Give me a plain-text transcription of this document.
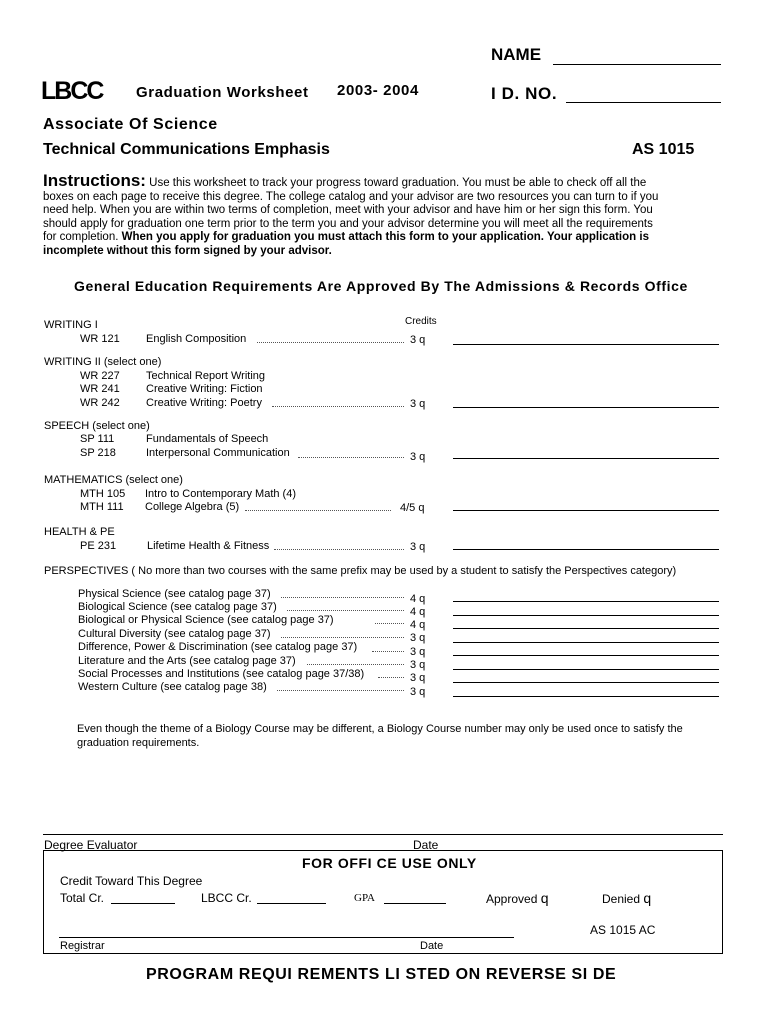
NAME
LBCC Graduation Worksheet 2003- 2004	I D. NO.
Associate Of Science
Technical Communications Emphasis	AS 1015
Instructions: Use this worksheet to track your progress toward graduation. You must be able to check off all the
boxes on each page to receive this degree. The college catalog and your advisor are two resources you can turn to if you
need help. When you are within two terms of completion, meet with your advisor and have him or her sign this form. You
should apply for graduation one term prior to the term you and your advisor determine you will meet all the requirements
for completion. When you apply for graduation you must attach this form to your application. Your application is
incomplete without this form signed by your advisor.
General Education Requirements Are Approved By The Admissions & Records Office
Credits
WRITING I
WR 121 English Composition	3 q
WRITING II (select one)
WR 227 Technical Report Writing
WR 241 Creative Writing: Fiction
WR 242 Creative Writing: Poetry	3 q
SPEECH (select one)
SP 111	Fundamentals of Speech
SP 218	Interpersonal Communication	3 q
MATHEMATICS (select one)
MTH 105 Intro to Contemporary Math (4)
MTH 111 College Algebra (5)	4/5 q
HEALTH & PE
PE 231	Lifetime Health & Fitness	3 q
PERSPECTIVES ( No more than two courses with the same prefix may be used by a student to satisfy the Perspectives category)
Physical Science (see catalog page 37)	4 q
Biological Science (see catalog page 37)	4 q
Biological or Physical Science (see catalog page 37)	4 q
Cultural Diversity (see catalog page 37)	3 q
Difference, Power & Discrimination (see catalog page 37)	3 q
Literature and the Arts (see catalog page 37)	3 q
Social Processes and Institutions (see catalog page 37/38)	3 q
Western Culture (see catalog page 38)	3 q
Even though the theme of a Biology Course may be different, a Biology Course number may only be used once to satisfy the
graduation requirements.
Degree Evaluator	Date
FOR OFFI CE USE ONLY
Credit Toward This Degree
Total Cr.	LBCC Cr.	GPA	Approved q	Denied q
AS 1015 AC
Registrar	Date
PROGRAM REQUI REMENTS LI STED ON REVERSE SI DE
